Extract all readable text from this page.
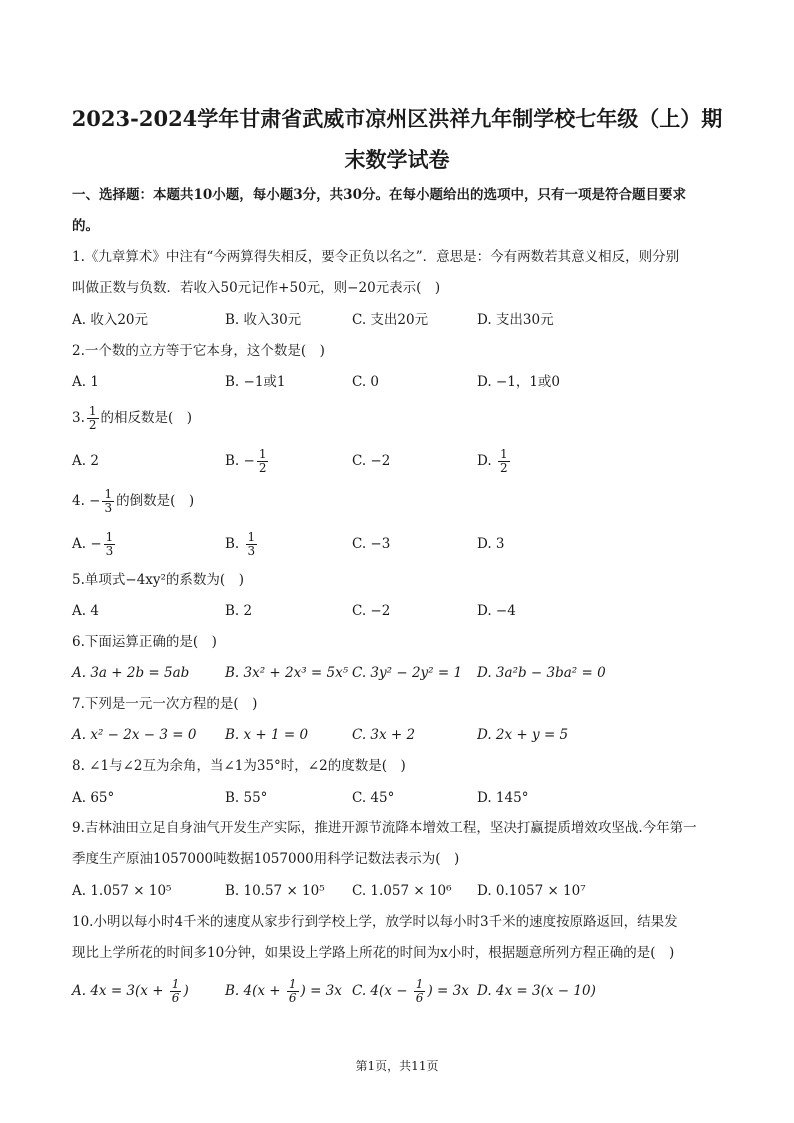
2023-2024学年甘肃省武威市凉州区洪祥九年制学校七年级（上）期
末数学试卷
一、选择题：本题共10小题，每小题3分，共30分。在每小题给出的选项中，只有一项是符合题目要求
的。
1.《九章算术》中注有“今两算得失相反，要令正负以名之”．意思是：今有两数若其意义相反，则分别
叫做正数与负数．若收入50元记作+50元，则−20元表示(　)
A. 收入20元	B. 收入30元	C. 支出20元	D. 支出30元
2.一个数的立方等于它本身，这个数是(　)
A. 1	B. −1或1	C. 0	D. −1，1或0
3. $\frac{1}{2}$ 的相反数是(　)
A. 2	B. − $\frac{1}{2}$	C. −2	D. $\frac{1}{2}$
4. − $\frac{1}{3}$ 的倒数是(　)
A. − $\frac{1}{3}$	B. $\frac{1}{3}$	C. −3	D. 3
5.单项式−4xy²的系数为(　)
A. 4	B. 2	C. −2	D. −4
6.下面运算正确的是(　)
A. 3a + 2b = 5ab	B. 3x² + 2x³ = 5x⁵ C. 3y² − 2y² = 1 D. 3a²b − 3ba² = 0
7.下列是一元一次方程的是(　)
A. x² − 2x − 3 = 0 B. x + 1 = 0	C. 3x + 2	D. 2x + y = 5
8. ∠1与∠2互为余角，当∠1为35°时，∠2的度数是(　)
A. 65°	B. 55°	C. 45°	D. 145°
9.吉林油田立足自身油气开发生产实际，推进开源节流降本增效工程，坚决打赢提质增效攻坚战.今年第一
季度生产原油1057000吨数据1057000用科学记数法表示为(　)
A. 1.057 × 10⁵	B. 10.57 × 10⁵ C. 1.057 × 10⁶ D. 0.1057 × 10⁷
10.小明以每小时4千米的速度从家步行到学校上学，放学时以每小时3千米的速度按原路返回，结果发
现比上学所花的时间多10分钟，如果设上学路上所花的时间为x小时，根据题意所列方程正确的是(　)
A. $4x = 3(x + \frac{1}{6}$ )	B. $4(x + \frac{1}{6}$ ) = 3x C. $4(x - \frac{1}{6}$ ) = 3x D. 4x = 3(x − 10)
第1页，共11页
